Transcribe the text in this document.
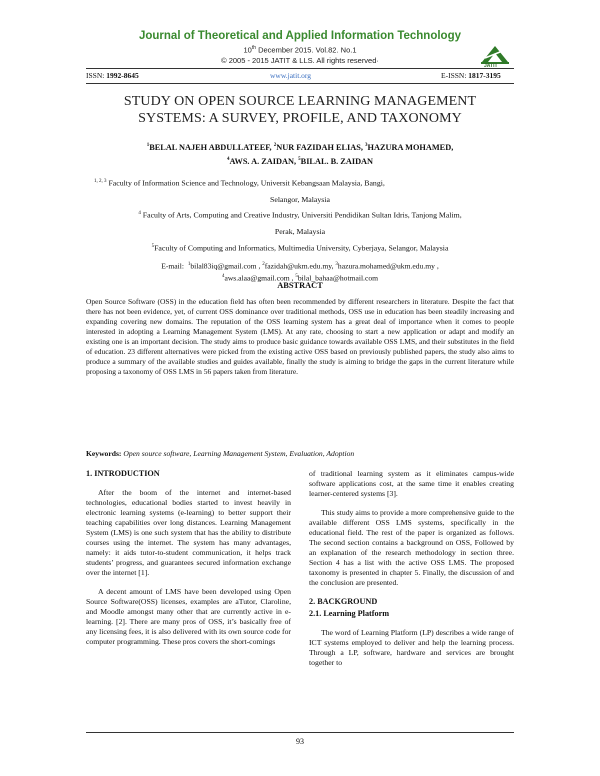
Journal of Theoretical and Applied Information Technology
10th December 2015. Vol.82. No.1
© 2005 - 2015 JATIT & LLS. All rights reserved·
JATIT
ISSN: 1992-8645	www.jatit.org	E-ISSN: 1817-3195
STUDY ON OPEN SOURCE LEARNING MANAGEMENT
SYSTEMS: A SURVEY, PROFILE, AND TAXONOMY
$^1$BELAL NAJEH ABDULLATEEF, $^2$NUR FAZIDAH ELIAS, $^3$HAZURA MOHAMED,
$^4$AWS. A. ZAIDAN, $^5$BILAL. B. ZAIDAN
$^{1, 2, 3}$ Faculty of Information Science and Technology, Universit Kebangsaan Malaysia, Bangi,
Selangor, Malaysia
$^4$ Faculty of Arts, Computing and Creative Industry, Universiti Pendidikan Sultan Idris, Tanjong Malim,
Perak, Malaysia
$^5$Faculty of Computing and Informatics, Multimedia University, Cyberjaya, Selangor, Malaysia
E-mail: $^1$bilal83iq@gmail.com , $^2$fazidah@ukm.edu.my, $^3$hazura.mohamed@ukm.edu.my ,
$^4$aws.alaa@gmail.com , $^5$bilal_bahaa@hotmail.com
ABSTRACT
Open Source Software (OSS) in the education field has often been recommended by different researchers in literature. Despite the fact that there has not been evidence, yet, of current OSS dominance over traditional methods, OSS use in education has been steadily increasing and expanding covering new domains. The reputation of the OSS learning system has a great deal of importance when it comes to people interested in adopting a Learning Management System (LMS). At any rate, choosing to start a new application or adapt and modify an existing one is an important decision. The study aims to produce basic guidance towards available OSS LMS, and their substitutes in the field of education. 23 different alternatives were picked from the existing active OSS based on previously published papers, the study also aims to produce a summary of the available studies and guides available, finally the study is aiming to bridge the gaps in the current literature while proposing a taxonomy of OSS LMS in 56 papers taken from literature.
Keywords: Open source software, Learning Management System, Evaluation, Adoption

1. INTRODUCTION

After the boom of the internet and internet-based technologies, educational bodies started to invest heavily in electronic learning systems (e-learning) to better support their teaching capabilities over long distances. Learning Management System (LMS) is one such system that has the ability to distribute courses using the internet. The system has many advantages, namely: it aids tutor-to-student communication, it helps track students’ progress, and guarantees secured information exchange over the internet [1].

A decent amount of LMS have been developed using Open Source Software(OSS) licenses, examples are aTutor, Claroline, and Moodle amongst many other that are currently active in e-learning. [2]. There are many pros of OSS, it’s basically free of any licensing fees, it is also delivered with its own source code for computer programming. These pros covers the short-comings

of traditional learning system as it eliminates campus-wide software applications cost, at the same time it enables creating learner-centered systems [3].

This study aims to provide a more comprehensive guide to the available different OSS LMS systems, specifically in the educational field. The rest of the paper is organized as follows. The second section contains a background on OSS, Followed by an explanation of the research methodology in section three. Section 4 has a list with the active OSS LMS. The proposed taxonomy is presented in chapter 5. Finally, the discussion of and the conclusion are presented.

2. BACKGROUND

2.1. Learning Platform

The word of Learning Platform (LP) describes a wide range of ICT systems employed to deliver and help the learning process. Through a LP, software, hardware and services are brought together to

93
